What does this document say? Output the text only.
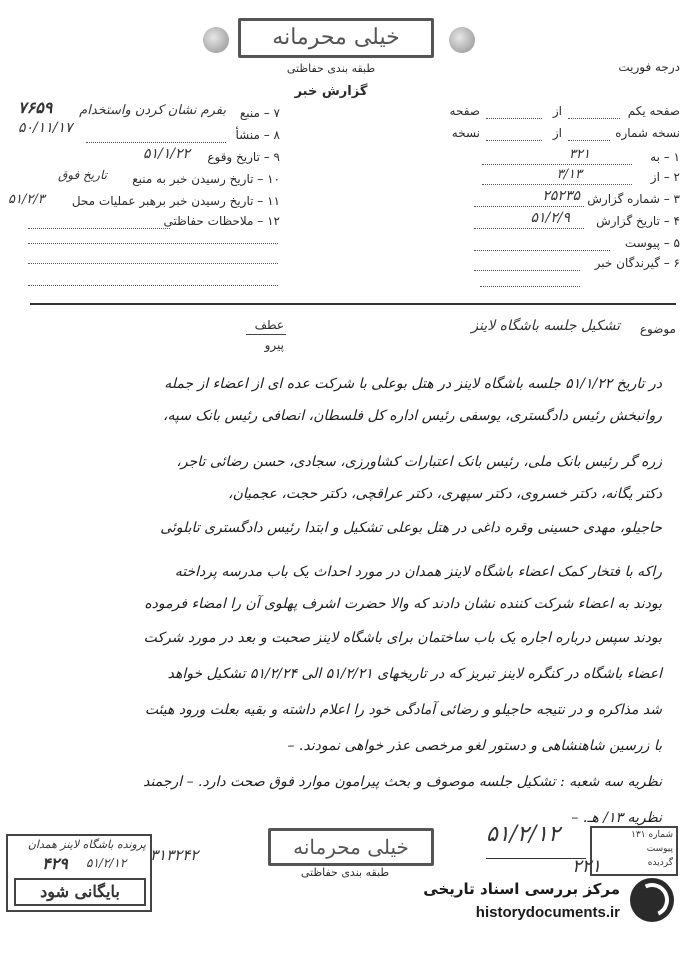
خیلی محرمانه
طبقه بندی حفاظتی
گزارش خبر
درجه فوریت
۷۶۵۹
۵۰/۱۱/۱۷
صفحه یکم
از
صفحه
نسخه شماره
از
نسخه
۱ – به
۳۲۱
۲ – از
۳/۱۳
۳ – شماره گزارش
۲۵۲۳۵
۴ – تاریخ گزارش
۵۱/۲/۹
۵ – پیوست
۶ – گیرندگان خبر
۷ – منبع
بفرم نشان کردن واستخدام
۸ – منشأ
۹ – تاریخ وقوع
۵۱/۱/۲۲
۱۰ – تاریخ رسیدن خبر به منبع
تاریخ فوق
۱۱ – تاریخ رسیدن خبر برهبر عملیات محل
۵۱/۲/۳
۱۲ – ملاحظات حفاظتی
موضوع
تشکیل جلسه باشگاه لاینز
عطف
پیرو
در تاریخ ۵۱/۱/۲۲ جلسه باشگاه لاینز در هتل بوعلی با شرکت عده ای از اعضاء از جمله
روانبخش رئیس دادگستری، یوسفی رئیس اداره کل فلسطان، انصافی رئیس بانک سپه،
زره گر رئیس بانک ملی، رئیس بانک اعتبارات کشاورزی، سجادی، حسن رضائی تاجر،
دکتر یگانه، دکتر خسروی، دکتر سپهری، دکتر عراقچی، دکتر حجت، عجمیان،
حاجیلو، مهدی حسینی وقره داغی در هتل بوعلی تشکیل و ابتدا رئیس دادگستری تابلوئی
راکه با فتخار کمک اعضاء باشگاه لاینز همدان در مورد احداث یک باب مدرسه پرداخته
بودند به اعضاء شرکت کننده نشان دادند که والا حضرت اشرف پهلوی آن را امضاء فرموده
بودند سپس درباره اجاره یک باب ساختمان برای باشگاه لاینز صحبت و بعد در مورد شرکت
اعضاء باشگاه در کنگره لاینز تبریز که در تاریخهای ۵۱/۲/۲۱ الی ۵۱/۲/۲۴ تشکیل خواهد
شد مذاکره و در نتیجه حاجیلو و رضائی آمادگی خود را اعلام داشته و بقیه بعلت ورود هیئت
با زرسین شاهنشاهی و دستور لغو مرخصی عذر خواهی نمودند. –
نظریه سه شعبه : تشکیل جلسه موصوف و بحث پیرامون موارد فوق صحت دارد. – ارجمند
نظریه ۱۳/ هـ. –
پرونده باشگاه لاینز همدان
۴۲۹ ۵۱/۲/۱۲
بایگانی شود
۳۱۳۲۴۲	خیلی محرمانه
طبقه بندی حفاظتی
۵۱/۲/۱۲	شماره ۱۳۱
پیوست
گردیده
۲۲۱
مرکز بررسی اسناد تاریخی
historydocuments.ir
